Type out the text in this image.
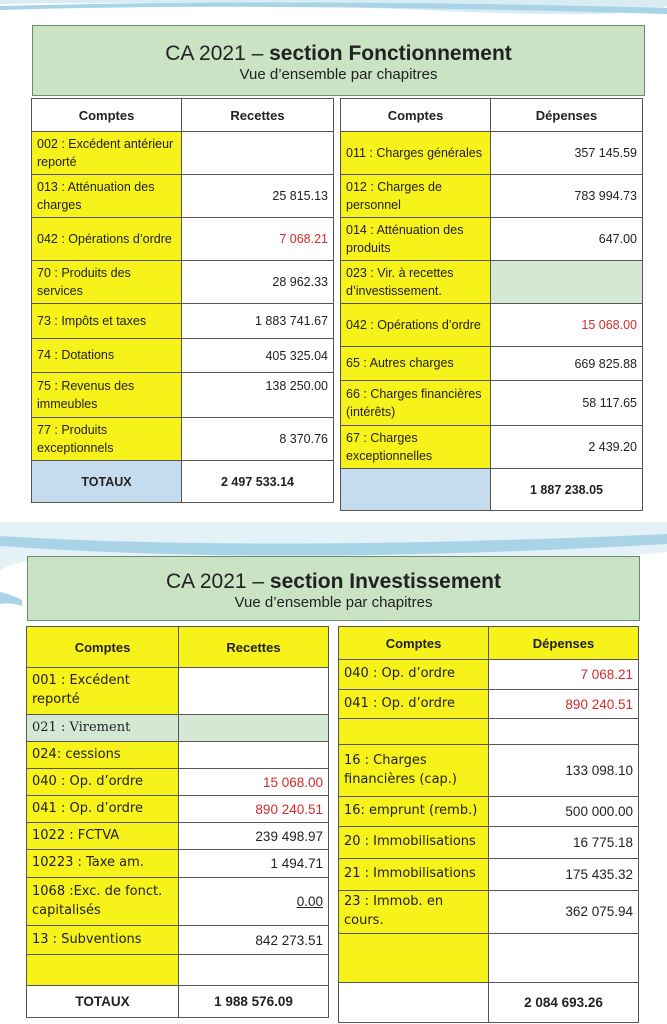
CA 2021 – section Fonctionnement
Vue d’ensemble par chapitres
Comptes	Recettes
002 : Excédent antérieur reporté	
013 : Atténuation des charges	25 815.13
042 : Opérations d’ordre	7 068.21
70 : Produits des services	28 962.33
73 : Impôts et taxes	1 883 741.67
74 : Dotations	405 325.04
75 : Revenus des immeubles	138 250.00
77 : Produits exceptionnels	8 370.76
TOTAUX	2 497 533.14
Comptes	Dépenses
011 : Charges générales	357 145.59
012 : Charges de personnel	783 994.73
014 : Atténuation des produits	647.00
023 : Vir. à recettes d’investissement.	
042 : Opérations d’ordre	15 068.00
65 : Autres charges	669 825.88
66 : Charges financières (intérêts)	58 117.65
67 : Charges exceptionnelles	2 439.20
	1 887 238.05
CA 2021 – section Investissement
Vue d’ensemble par chapitres
Comptes	Recettes
001 : Excédent reporté	
021 : Virement	
024: cessions	
040 : Op. d’ordre	15 068.00
041 : Op. d’ordre	890 240.51
1022 : FCTVA	239 498.97
10223 : Taxe am.	1 494.71
1068 :Exc. de fonct. capitalisés	0.00
13 : Subventions	842 273.51

TOTAUX	1 988 576.09
Comptes	Dépenses
040 : Op. d’ordre	7 068.21
041 : Op. d’ordre	890 240.51

16 : Charges financières (cap.)	133 098.10
16: emprunt (remb.)	500 000.00
20 : Immobilisations	16 775.18
21 : Immobilisations	175 435.32
23 : Immob. en cours.	362 075.94

	2 084 693.26
